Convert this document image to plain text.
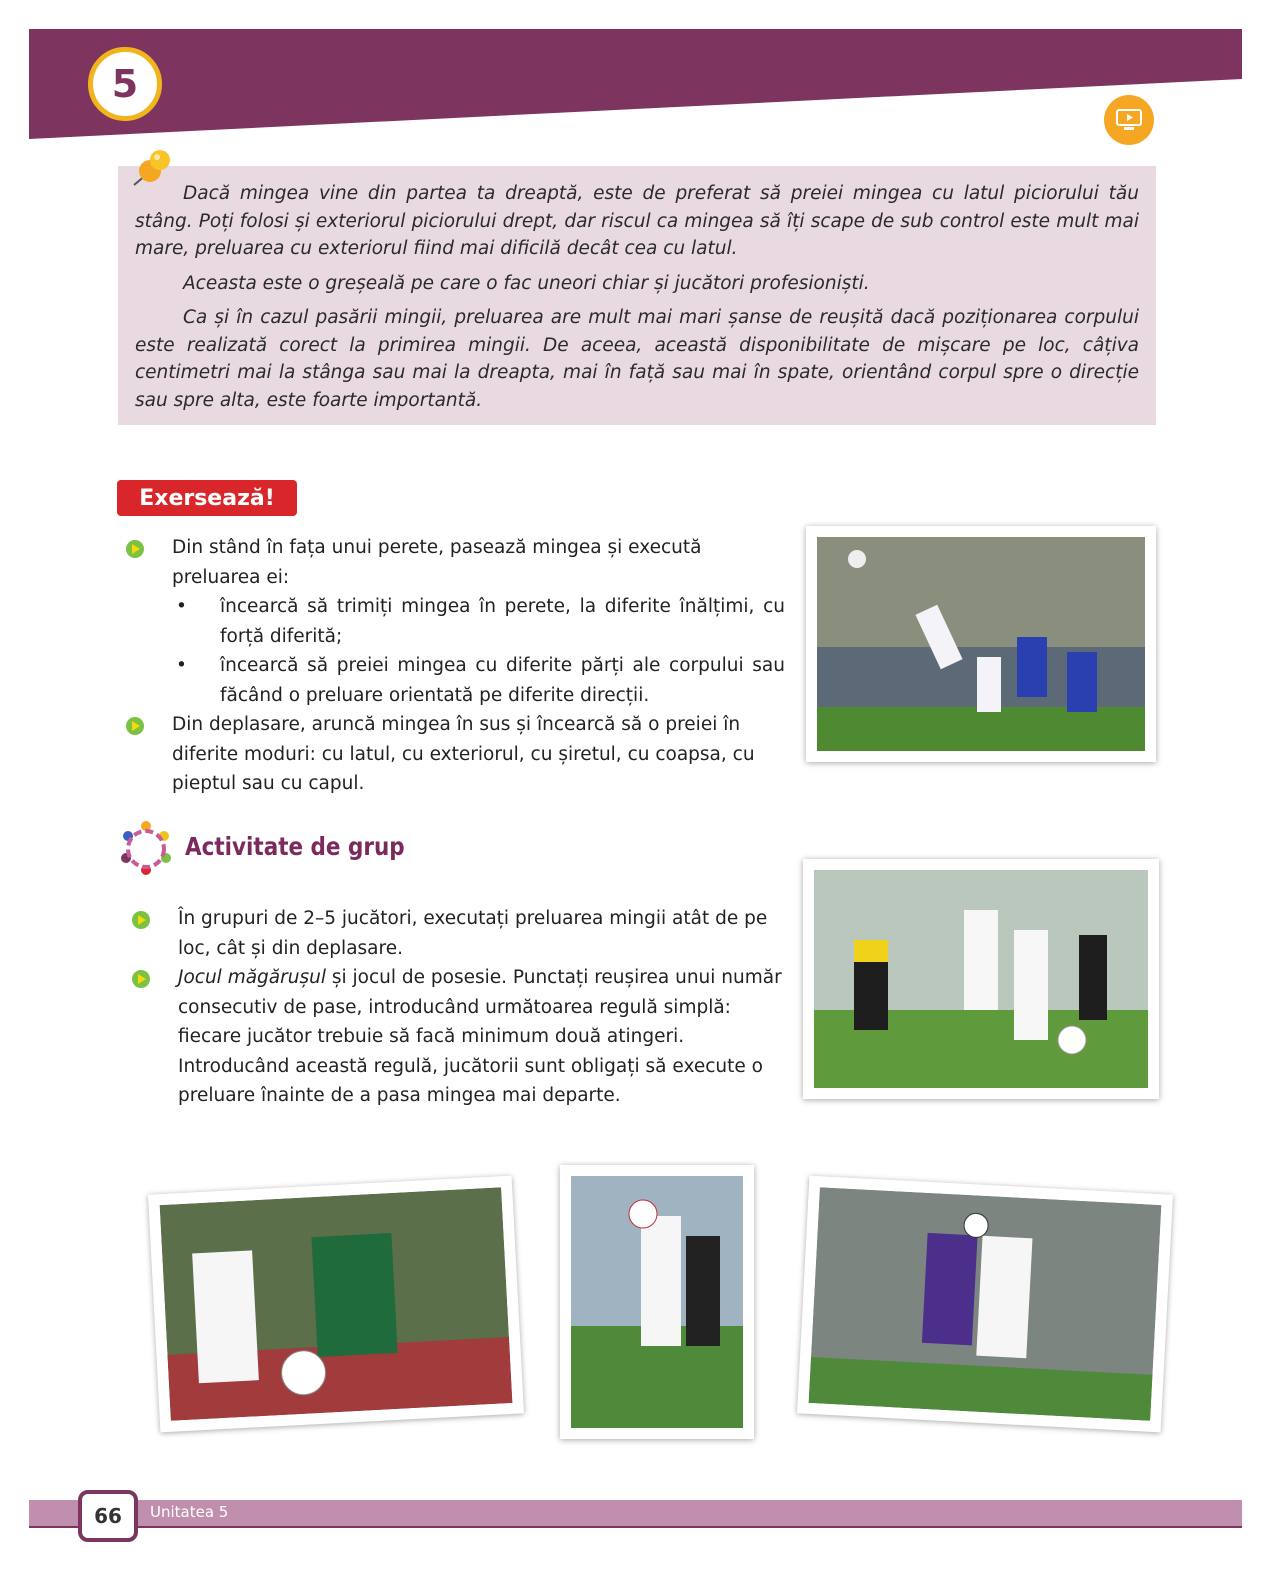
5

Dacă mingea vine din partea ta dreaptă, este de preferat să preiei mingea cu latul piciorului tău stâng. Poți folosi și exteriorul piciorului drept, dar riscul ca mingea să îți scape de sub control este mult mai mare, preluarea cu exteriorul fiind mai dificilă decât cea cu latul.

Aceasta este o greșeală pe care o fac uneori chiar și jucători profesioniști.

Ca și în cazul pasării mingii, preluarea are mult mai mari șanse de reușită dacă poziționarea corpului este realizată corect la primirea mingii. De aceea, această disponibilitate de mișcare pe loc, câțiva centimetri mai la stânga sau mai la dreapta, mai în față sau mai în spate, orientând corpul spre o direcție sau spre alta, este foarte importantă.

Exersează!
Din stând în fața unui perete, pasează mingea și execută preluarea ei:
• încearcă să trimiți mingea în perete, la diferite înălțimi, cu forță diferită;
• încearcă să preiei mingea cu diferite părți ale corpului sau făcând o preluare orientată pe diferite direcții.
Din deplasare, aruncă mingea în sus și încearcă să o preiei în diferite moduri: cu latul, cu exteriorul, cu șiretul, cu coapsa, cu pieptul sau cu capul.
Activitate de grup
În grupuri de 2–5 jucători, executați preluarea mingii atât de pe loc, cât și din deplasare.
Jocul măgărușul și jocul de posesie. Punctați reușirea unui număr consecutiv de pase, introducând următoarea regulă simplă: fiecare jucător trebuie să facă minimum două atingeri. Introducând această regulă, jucătorii sunt obligați să execute o preluare înainte de a pasa mingea mai departe.
66 Unitatea 5
